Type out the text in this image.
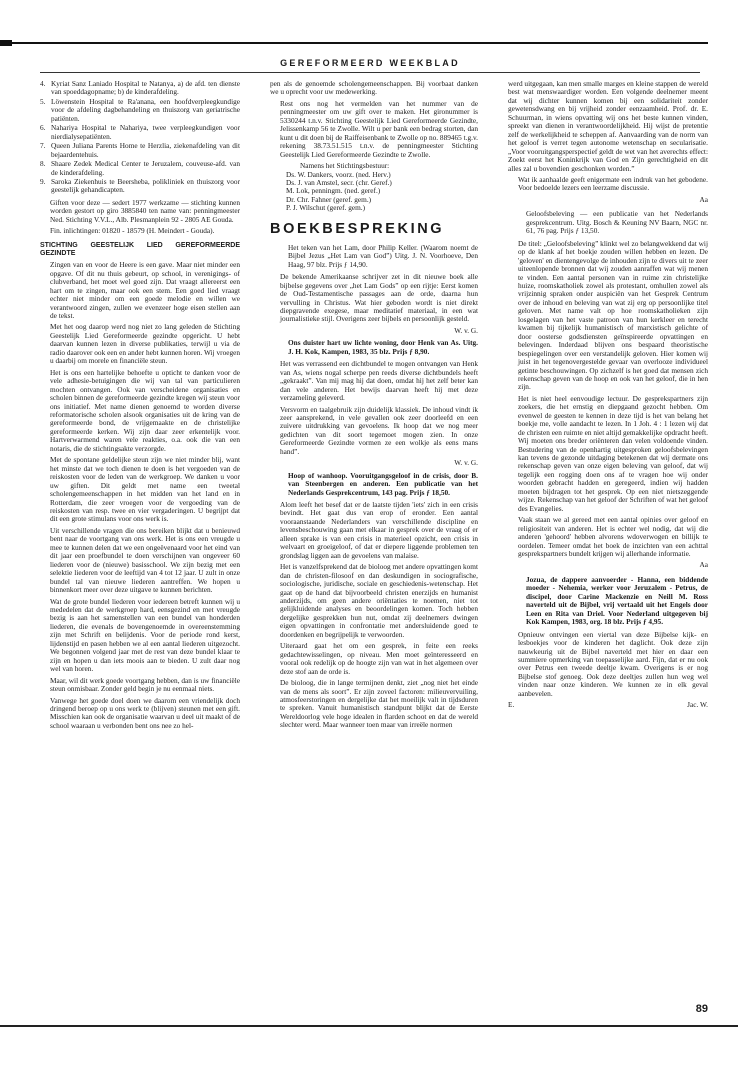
GEREFORMEERD WEEKBLAD
4. Kyriat Sanz Laniado Hospital te Natanya, a) de afd. ten dienste van spoeddagopname; b) de kinderafdeling.
5. Löwenstein Hospital te Ra'anana, een hoofdverpleegkundige voor de afdeling dagbehandeling en thuiszorg van geriatrische patiënten.
6. Nahariya Hospital te Nahariya, twee verpleegkundigen voor nierdialysepatiënten.
7. Queen Juliana Parents Home te Herzlia, ziekenafdeling van dit bejaardentehuis.
8. Shaare Zedek Medical Center te Jeruzalem, couveuse-afd. van de kinderafdeling.
9. Saroka Ziekenhuis te Beersheba, polikliniek en thuiszorg voor geestelijk gehandicapten.

Giften voor deze — sedert 1977 werkzame — stichting kunnen worden gestort op giro 3885840 ten name van: penningmeester Ned. Stichting V.V.L., Alb. Plesmanplein 92 - 2805 AE Gouda.

Fin. inlichtingen: 01820 - 18579 (H. Meindert - Gouda).

STICHTING GEESTELIJK LIED GEREFORMEERDE GEZINDTE

Zingen van en voor de Heere is een gave. Maar niet minder een opgave. Of dit nu thuis gebeurt, op school, in verenigings- of clubverband, het moet wel goed zijn. Dat vraagt allereerst een hart om te zingen, maar ook een stem. Een goed lied vraagt echter niet minder om een goede melodie en willen we verantwoord zingen, zullen we evenzeer hoge eisen stellen aan de tekst.

Met het oog daarop werd nog niet zo lang geleden de Stichting Geestelijk Lied Gereformeerde gezindte opgericht. U hebt daarvan kunnen lezen in diverse publikaties, terwijl u via de radio daarover ook een en ander hebt kunnen horen. Wij vroegen u daarbij om morele en financiële steun.

Het is ons een hartelijke behoefte u opticht te danken voor de vele adhesie-betuigingen die wij van tal van particulieren mochten ontvangen. Ook van verscheidene organisaties en scholen binnen de gereformeerde gezindte kregen wij steun voor ons initiatief. Met name dienen genoemd te worden diverse reformatorische scholen alsook organisaties uit de kring van de gereformeerde bond, de vrijgemaakte en de christelijke gereformeerde kerken. Wij zijn daar zeer erkentelijk voor. Hartverwarmend waren vele reakties, o.a. ook die van een notaris, die de stichtingsakte verzorgde.

Met de spontane geldelijke steun zijn we niet minder blij, want het minste dat we toch dienen te doen is het vergoeden van de reiskosten voor de leden van de werkgroep. We danken u voor uw giften. Dit geldt met name een tweetal scholengemeenschappen in het midden van het land en in Rotterdam, die zeer vroegen voor de vergoeding van de reiskosten van resp. twee en vier vergaderingen. U begrijpt dat dit een grote stimulans voor ons werk is.

Uit verschillende vragen die ons bereiken blijkt dat u benieuwd bent naar de voortgang van ons werk. Het is ons een vreugde u mee te kunnen delen dat we een ongeëvenaard voor het eind van dit jaar een proefbundel te doen verschijnen van ongeveer 60 liederen voor de (nieuwe) basisschool. We zijn bezig met een selektie liederen voor de leeftijd van 4 tot 12 jaar. U zult in onze bundel tal van nieuwe liederen aantreffen. We hopen u binnenkort meer over deze uitgave te kunnen berichten.

Wat de grote bundel liederen voor iedereen betreft kunnen wij u mededelen dat de werkgroep hard, eensgezind en met vreugde bezig is aan het samenstellen van een bundel van honderden liederen, die evenals de bovengenoemde in overeenstemming zijn met Schrift en belijdenis. Voor de periode rond kerst, lijdenstijd en pasen hebben we al een aantal liederen uitgezocht. We begonnen volgend jaar met de rest van deze bundel klaar te zijn en hopen u dan iets moois aan te bieden. U zult daar nog wel van horen.

Maar, wil dit werk goede voortgang hebben, dan is uw financiële steun onmisbaar. Zonder geld begin je nu eenmaal niets.

Vanwege het goede doel doen we daarom een vriendelijk doch dringend beroep op u ons werk te (blijven) steunen met een gift. Misschien kan ook de organisatie waarvan u deel uit maakt of de school waaraan u verbonden bent ons nee zo hel-

pen als de genoemde scholengemeenschappen. Bij voorbaat danken we u oprecht voor uw medewerking.

Rest ons nog het vermelden van het nummer van de penningmeester om uw gift over te maken. Het gironummer is 5330244 t.n.v. Stichting Geestelijk Lied Gereformeerde Gezindte, Jelissenkamp 56 te Zwolle. Wilt u per bank een bedrag storten, dan kunt u dit doen bij de Raiffeisenbank te Zwolle op no. 889465 t.g.v. rekening 38.73.51.515 t.n.v. de penningmeester Stichting Geestelijk Lied Gereformeerde Gezindte te Zwolle.

Namens het Stichtingsbestuur:
Ds. W. Dankers, voorz. (ned. Herv.)
Ds. J. van Amstel, secr. (chr. Geref.)
M. Lok, penningm. (ned. geref.)
Dr. Chr. Fahner (geref. gem.)
P. J. Wilschut (geref. gem.)
BOEKBESPREKING

Het teken van het Lam, door Philip Keller. (Waarom noemt de Bijbel Jezus „Het Lam van God”) Uitg. J. N. Voorhoeve, Den Haag, 97 blz. Prijs ƒ 14,90.

De bekende Amerikaanse schrijver zet in dit nieuwe boek alle bijbelse gegevens over „het Lam Gods” op een rijtje: Eerst komen de Oud-Testamentische passages aan de orde, daarna hun vervulling in Christus. Wat hier geboden wordt is niet direkt diepgravende exegese, maar meditatief materiaal, in een wat journalistieke stijl. Overigens zeer bijbels en persoonlijk gesteld.

W. v. G.

Ons duister hart uw lichte woning, door Henk van As. Uitg. J. H. Kok, Kampen, 1983, 35 blz. Prijs ƒ 8,90.

Het was verrassend een dichtbundel te mogen ontvangen van Henk van As, wiens nogal scherpe pen reeds diverse dichtbundels heeft „gekraakt”. Van mij mag hij dat doen, omdat hij het zelf beter kan dan vele anderen. Het bewijs daarvan heeft hij met deze verzameling geleverd.

Versvorm en taalgebruik zijn duidelijk klassiek. De inhoud vindt ik zeer aansprekend, in vele gevallen ook zeer doorleefd en een zuivere uitdrukking van gevoelens. Ik hoop dat we nog meer gedichten van dit soort tegemoet mogen zien. In onze Gereformeerde Gezindte vormen ze een wolkje als eens mans hand”.

W. v. G.

Hoop of wanhoop. Vooruitgangsgeloof in de crisis, door B. van Steenbergen en anderen. Een publicatie van het Nederlands Gesprekcentrum, 143 pag. Prijs ƒ 18,50.

Alom leeft het besef dat er de laatste tijden 'iets' zich in een crisis bevindt. Het gaat dus van erop of eronder. Een aantal vooraanstaande Nederlanders van verschillende discipline en levensbeschouwing gaan met elkaar in gesprek over de vraag of er alleen sprake is van een crisis in materieel opzicht, een crisis in welvaart en groeigeloof, of dat er diepere liggende problemen ten grondslag liggen aan de gevoelens van malaise.

Het is vanzelfsprekend dat de bioloog met andere opvattingen komt dan de christen-filosoof en dan deskundigen in sociografische, sociologische, juridische, sociale en geschiedenis-wetenschap. Het gaat op de hand dat bijvoorbeeld christen enerzijds en humanist anderzijds, om geen andere oriëntaties te noemen, niet tot gelijkluidende analyses en beoordelingen komen. Toch hebben dergelijke gesprekken hun nut, omdat zij deelnemers dwingen eigen opvattingen in confrontatie met andersluidende goed te doordenken en begrijpelijk te verwoorden.

Uiteraard gaat het om een gesprek, in feite een reeks gedachtewisselingen, op niveau. Men moet geïnteresseerd en vooral ook redelijk op de hoogte zijn van wat in het algemeen over deze stof aan de orde is.

De bioloog, die in lange termijnen denkt, ziet „nog niet het einde van de mens als soort”. Er zijn zoveel factoren: milieuvervuiling, atmosfeerstoringen en dergelijke dat het moeilijk valt in tijdsduren te spreken. Vanuit humanistisch standpunt blijkt dat de Eerste Wereldoorlog vele hoge idealen in flarden schoot en dat de wereld slechter werd. Maar wanneer toen maar van irreële normen

werd uitgegaan, kan men smalle marges en kleine stappen de wereld best wat menswaardiger worden. Een volgende deelnemer meent dat wij dichter kunnen komen bij een solidariteit zonder gewetensdwang en bij vrijheid zonder eenzaamheid. Prof. dr. E. Schuurman, in wiens opvatting wij ons het beste kunnen vinden, spreekt van dienen in verantwoordelijkheid. Hij wijst de pretentie zelf de werkelijkheid te scheppen af. Aanvaarding van de norm van het geloof is verret tegen autonome wetenschap en secularisatie. „Voor vooruitgangsperspectief geldt de wet van het averechts effect: Zoekt eerst het Koninkrijk van God en Zijn gerechtigheid en dit alles zal u bovendien geschonken worden.”

Wat ik aanhaalde geeft enigermate een indruk van het gebodene. Voor bedoelde lezers een leerzame discussie.

Aa

Geloofsbeleving — een publicatie van het Nederlands gesprekcentrum. Uitg. Bosch & Keuning NV Baarn, NGC nr. 61, 76 pag. Prijs ƒ 13,50.

De titel: „Geloofsbeleving” klinkt wel zo belangwekkend dat wij op de klank af het boekje zouden willen hebben en lezen. De 'geloven' en dientengevolge de inhouden zijn te divers uit te zeer uiteenlopende bronnen dat wij zouden aanraffen wat wij menen te vinden. Een aantal personen van in ruime zin christelijke huize, roomskatholiek zowel als protestant, omhullen zowel als vrijzinnig spraken onder auspiciën van het Gesprek Centrum over de inhoud en beleving van wat zij erg op persoonlijke titel geloven. Met name valt op hoe roomskatholieken zijn losgelagen van het vaste patroon van hun kerkleer en terecht kwamen bij tijkelijk humanistisch of marxistisch gelichte of door oosterse godsdiensten geïnspireerde opvattingen en belevingen. Inderdaad blijven ons bespaard theoristische bespiegelingen over een verstandelijk geloven. Hier komen wij juist in het tegenovergestelde gevaar van overlooze individueel getinte beschouwingen. Op zichzelf is het goed dat mensen zich rekenschap geven van de hoop en ook van het geloof, die in hen zijn.

Het is niet heel eenvoudige lectuur. De gesprekspartners zijn zoekers, die het ernstig en diepgaand gezocht hebben. Om evenwel de geesten te kennen in deze tijd is het van belang het boekje me, volle aandacht te lezen. In 1 Joh. 4 : 1 lezen wij dat de christen een ruimte en niet altijd gemakkelijke opdracht heeft. Wij moeten ons breder oriënteren dan velen voldoende vinden. Bestudering van de openhartig uitgesproken geloofsbelevingen kan tevens de gezonde uitdaging betekenen dat wij dermate ons rekenschap geven van onze eigen beleving van geloof, dat wij tegelijk een rogging doen ons af te vragen hoe wij onder woorden gebracht hadden en geregeerd, indien wij hadden moeten bijdragen tot het gesprek. Op een niet nietszeggende wijze. Rekenschap van het geloof der Schriften of wat het geloof des Evangelies.

Vaak staan we al gereed met een aantal opinies over geloof en religiositeit van anderen. Het is echter wel nodig, dat wij die anderen 'gehoord' hebben alvorens wdoverwogen en billijk te oordelen. Temeer omdat het boek de inzichten van een achttal gesprekspartners bundelt krijgen wij allerhande informatie.

Aa

Jozua, de dappere aanvoerder - Hanna, een biddende moeder - Nehemia, werker voor Jeruzalem - Petrus, de discipel, door Carine Mackenzie en Neill M. Ross naverteld uit de Bijbel, vrij vertaald uit het Engels door Leen en Rita van Driel. Voor Nederland uitgegeven bij Kok Kampen, 1983, org. 18 blz. Prijs ƒ 4,95.

Opnieuw ontvingen een viertal van deze Bijbelse kijk- en lesboekjes voor de kinderen het daglicht. Ook deze zijn nauwkeurig uit de Bijbel naverteld met hier en daar een summiere opmerking van toepasselijke aard. Fijn, dat er nu ook over Petrus een tweede deeltje kwam. Overigens is er nog Bijbelse stof genoeg. Ook deze deeltjes zullen hun weg wel vinden naar onze kinderen. We kunnen ze in elk geval aanbevelen.

E.	Jac. W.
89
